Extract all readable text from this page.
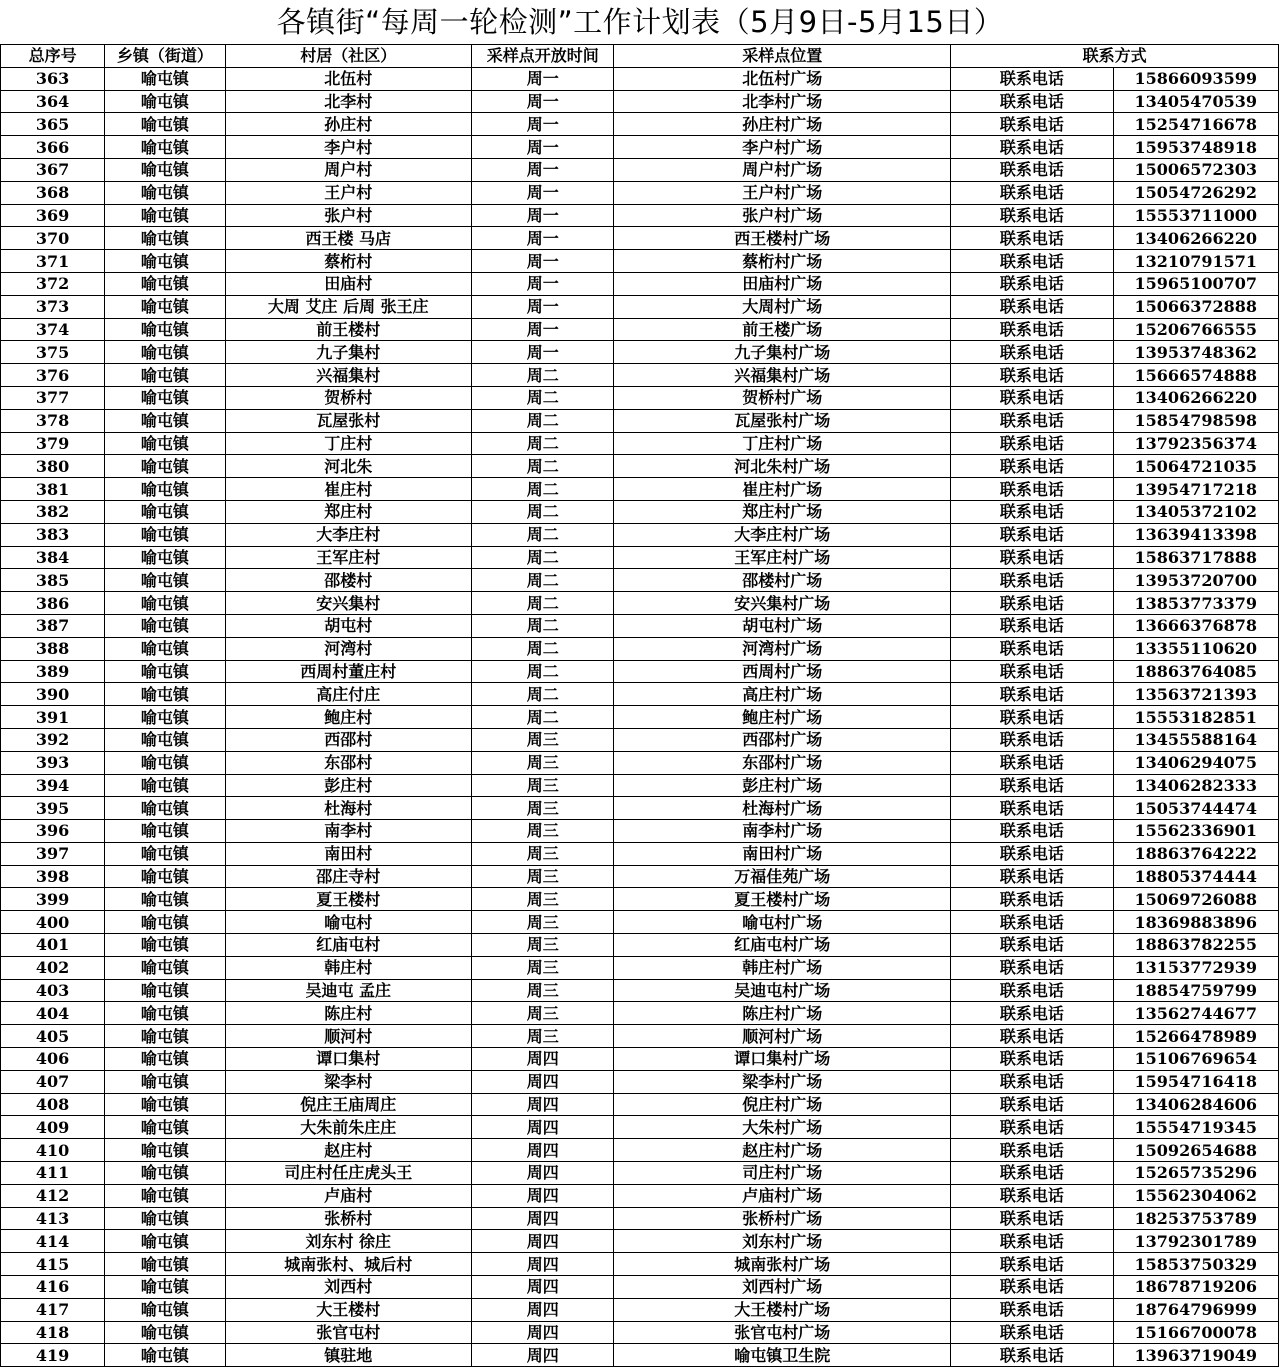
各镇街“每周一轮检测”工作计划表（5月9日-5月15日）
总序号	乡镇（街道）	村居（社区）	采样点开放时间	采样点位置	联系方式	
363	喻屯镇	北伍村	周一	北伍村广场	联系电话	15866093599
364	喻屯镇	北李村	周一	北李村广场	联系电话	13405470539
365	喻屯镇	孙庄村	周一	孙庄村广场	联系电话	15254716678
366	喻屯镇	李户村	周一	李户村广场	联系电话	15953748918
367	喻屯镇	周户村	周一	周户村广场	联系电话	15006572303
368	喻屯镇	王户村	周一	王户村广场	联系电话	15054726292
369	喻屯镇	张户村	周一	张户村广场	联系电话	15553711000
370	喻屯镇	西王楼 马店	周一	西王楼村广场	联系电话	13406266220
371	喻屯镇	蔡桁村	周一	蔡桁村广场	联系电话	13210791571
372	喻屯镇	田庙村	周一	田庙村广场	联系电话	15965100707
373	喻屯镇	大周 艾庄 后周 张王庄	周一	大周村广场	联系电话	15066372888
374	喻屯镇	前王楼村	周一	前王楼广场	联系电话	15206766555
375	喻屯镇	九子集村	周一	九子集村广场	联系电话	13953748362
376	喻屯镇	兴福集村	周二	兴福集村广场	联系电话	15666574888
377	喻屯镇	贺桥村	周二	贺桥村广场	联系电话	13406266220
378	喻屯镇	瓦屋张村	周二	瓦屋张村广场	联系电话	15854798598
379	喻屯镇	丁庄村	周二	丁庄村广场	联系电话	13792356374
380	喻屯镇	河北朱	周二	河北朱村广场	联系电话	15064721035
381	喻屯镇	崔庄村	周二	崔庄村广场	联系电话	13954717218
382	喻屯镇	郑庄村	周二	郑庄村广场	联系电话	13405372102
383	喻屯镇	大李庄村	周二	大李庄村广场	联系电话	13639413398
384	喻屯镇	王军庄村	周二	王军庄村广场	联系电话	15863717888
385	喻屯镇	邵楼村	周二	邵楼村广场	联系电话	13953720700
386	喻屯镇	安兴集村	周二	安兴集村广场	联系电话	13853773379
387	喻屯镇	胡屯村	周二	胡屯村广场	联系电话	13666376878
388	喻屯镇	河湾村	周二	河湾村广场	联系电话	13355110620
389	喻屯镇	西周村董庄村	周二	西周村广场	联系电话	18863764085
390	喻屯镇	高庄付庄	周二	高庄村广场	联系电话	13563721393
391	喻屯镇	鲍庄村	周二	鲍庄村广场	联系电话	15553182851
392	喻屯镇	西邵村	周三	西邵村广场	联系电话	13455588164
393	喻屯镇	东邵村	周三	东邵村广场	联系电话	13406294075
394	喻屯镇	彭庄村	周三	彭庄村广场	联系电话	13406282333
395	喻屯镇	杜海村	周三	杜海村广场	联系电话	15053744474
396	喻屯镇	南李村	周三	南李村广场	联系电话	15562336901
397	喻屯镇	南田村	周三	南田村广场	联系电话	18863764222
398	喻屯镇	邵庄寺村	周三	万福佳苑广场	联系电话	18805374444
399	喻屯镇	夏王楼村	周三	夏王楼村广场	联系电话	15069726088
400	喻屯镇	喻屯村	周三	喻屯村广场	联系电话	18369883896
401	喻屯镇	红庙屯村	周三	红庙屯村广场	联系电话	18863782255
402	喻屯镇	韩庄村	周三	韩庄村广场	联系电话	13153772939
403	喻屯镇	吴迪屯 孟庄	周三	吴迪屯村广场	联系电话	18854759799
404	喻屯镇	陈庄村	周三	陈庄村广场	联系电话	13562744677
405	喻屯镇	顺河村	周三	顺河村广场	联系电话	15266478989
406	喻屯镇	谭口集村	周四	谭口集村广场	联系电话	15106769654
407	喻屯镇	梁李村	周四	梁李村广场	联系电话	15954716418
408	喻屯镇	倪庄王庙周庄	周四	倪庄村广场	联系电话	13406284606
409	喻屯镇	大朱前朱庄庄	周四	大朱村广场	联系电话	15554719345
410	喻屯镇	赵庄村	周四	赵庄村广场	联系电话	15092654688
411	喻屯镇	司庄村任庄虎头王	周四	司庄村广场	联系电话	15265735296
412	喻屯镇	卢庙村	周四	卢庙村广场	联系电话	15562304062
413	喻屯镇	张桥村	周四	张桥村广场	联系电话	18253753789
414	喻屯镇	刘东村 徐庄	周四	刘东村广场	联系电话	13792301789
415	喻屯镇	城南张村、城后村	周四	城南张村广场	联系电话	15853750329
416	喻屯镇	刘西村	周四	刘西村广场	联系电话	18678719206
417	喻屯镇	大王楼村	周四	大王楼村广场	联系电话	18764796999
418	喻屯镇	张官屯村	周四	张官屯村广场	联系电话	15166700078
419	喻屯镇	镇驻地	周四	喻屯镇卫生院	联系电话	13963719049
